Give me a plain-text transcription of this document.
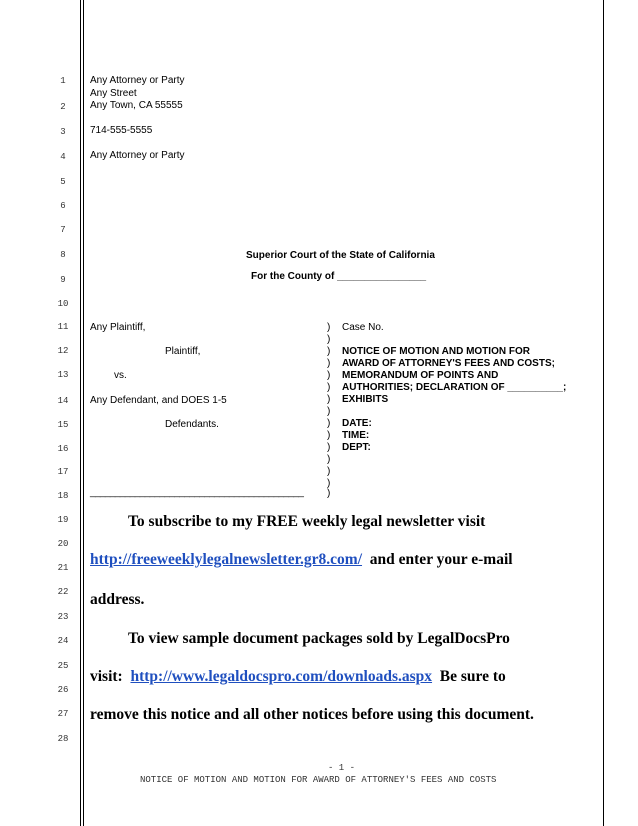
1
2
3
4
5
6
7
8
9
10
11
12
13
14
15
16
17
18
19
20
21
22
23
24
25
26
27
28
Any Attorney or Party
Any Street
Any Town, CA 55555
714-555-5555
Any Attorney or Party
Superior Court of the State of California
For the County of ________________
Any Plaintiff,
Plaintiff,
vs.
Any Defendant, and DOES 1-5
Defendants.
___________________________________________
)
)
)
)
)
)
)
)
)
)
)
)
)
)
)
Case No.
NOTICE OF MOTION AND MOTION FOR
AWARD OF ATTORNEY'S FEES AND COSTS;
MEMORANDUM OF POINTS AND
AUTHORITIES; DECLARATION OF __________;
EXHIBITS
DATE:
TIME:
DEPT:
To subscribe to my FREE weekly legal newsletter visit
http://freeweeklylegalnewsletter.gr8.com/ and enter your e-mail
address.
To view sample document packages sold by LegalDocsPro
visit: http://www.legaldocspro.com/downloads.aspx Be sure to
remove this notice and all other notices before using this document.
- 1 -
NOTICE OF MOTION AND MOTION FOR AWARD OF ATTORNEY'S FEES AND COSTS
